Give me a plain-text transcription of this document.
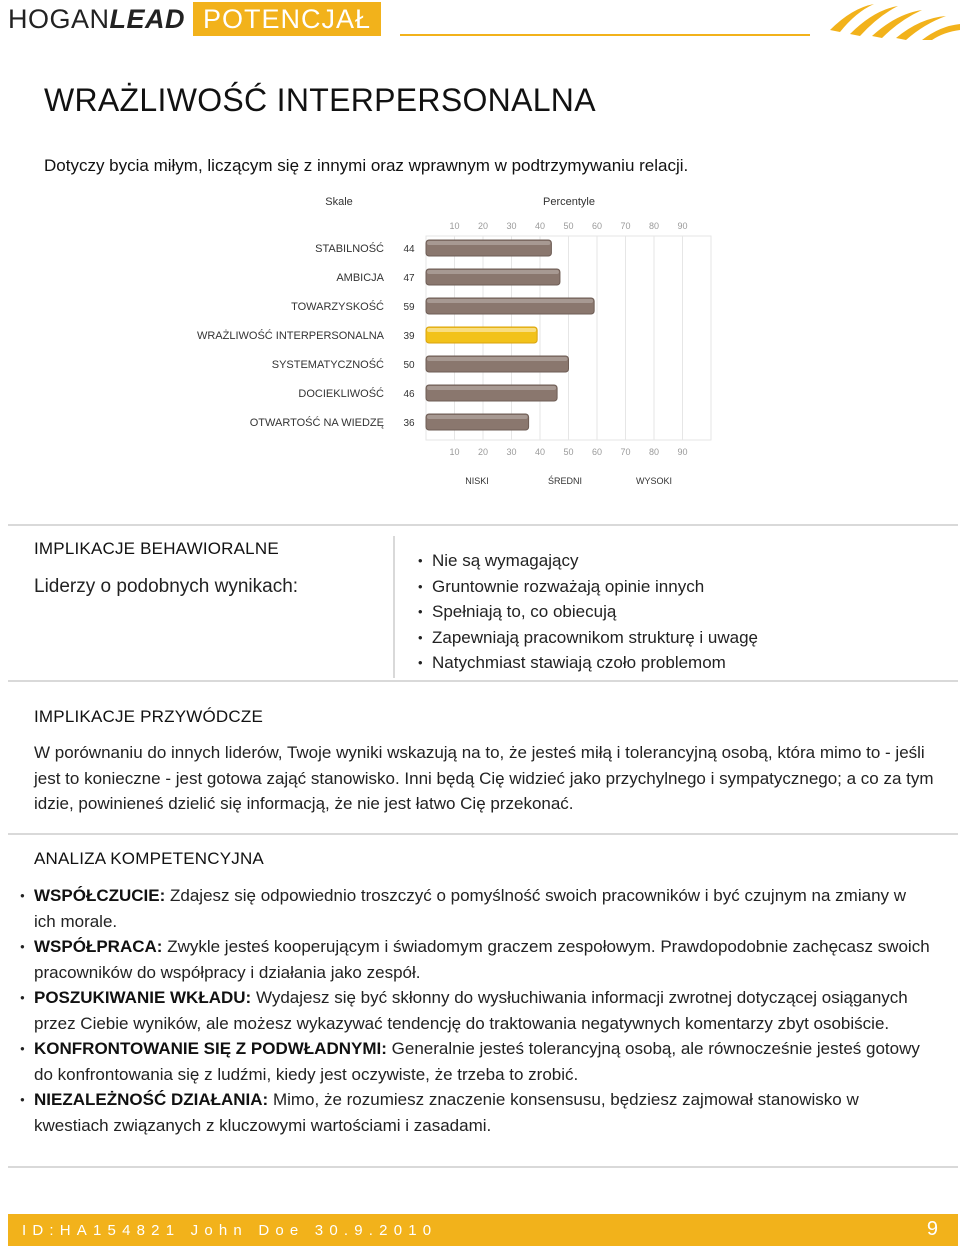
HOGAN LEAD POTENCJAŁ
WRAŻLIWOŚĆ INTERPERSONALNA
Dotyczy bycia miłym, liczącym się z innymi oraz wprawnym w podtrzymywaniu relacji.
Skale	Percentyle
10 20 30 40 50 60 70 80 90
10 20 30 40 50 60 70 80 90
STABILNOŚĆ 44
AMBICJA 47
TOWARZYSKOŚĆ 59
WRAŻLIWOŚĆ INTERPERSONALNA 39
SYSTEMATYCZNOŚĆ 50
DOCIEKLIWOŚĆ 46
OTWARTOŚĆ NA WIEDZĘ 36
NISKI	ŚREDNI	WYSOKI
IMPLIKACJE BEHAWIORALNE
Liderzy o podobnych wynikach:
• Nie są wymagający
• Gruntownie rozważają opinie innych
• Spełniają to, co obiecują
• Zapewniają pracownikom strukturę i uwagę
• Natychmiast stawiają czoło problemom
IMPLIKACJE PRZYWÓDCZE
W porównaniu do innych liderów, Twoje wyniki wskazują na to, że jesteś miłą i tolerancyjną osobą, która mimo to - jeśli jest to konieczne - jest gotowa zająć stanowisko. Inni będą Cię widzieć jako przychylnego i sympatycznego; a co za tym idzie, powinieneś dzielić się informacją, że nie jest łatwo Cię przekonać.
ANALIZA KOMPETENCYJNA
● WSPÓŁCZUCIE: Zdajesz się odpowiednio troszczyć o pomyślność swoich pracowników i być czujnym na zmiany w ich morale.
● WSPÓŁPRACA: Zwykle jesteś kooperującym i świadomym graczem zespołowym. Prawdopodobnie zachęcasz swoich pracowników do współpracy i działania jako zespół.
● POSZUKIWANIE WKŁADU: Wydajesz się być skłonny do wysłuchiwania informacji zwrotnej dotyczącej osiąganych przez Ciebie wyników, ale możesz wykazywać tendencję do traktowania negatywnych komentarzy zbyt osobiście.
● KONFRONTOWANIE SIĘ Z PODWŁADNYMI: Generalnie jesteś tolerancyjną osobą, ale równocześnie jesteś gotowy do konfrontowania się z ludźmi, kiedy jest oczywiste, że trzeba to zrobić.
● NIEZALEŻNOŚĆ DZIAŁANIA: Mimo, że rozumiesz znaczenie konsensusu, będziesz zajmował stanowisko w kwestiach związanych z kluczowymi wartościami i zasadami.
ID:HA154821 John Doe 30.9.2010	9
